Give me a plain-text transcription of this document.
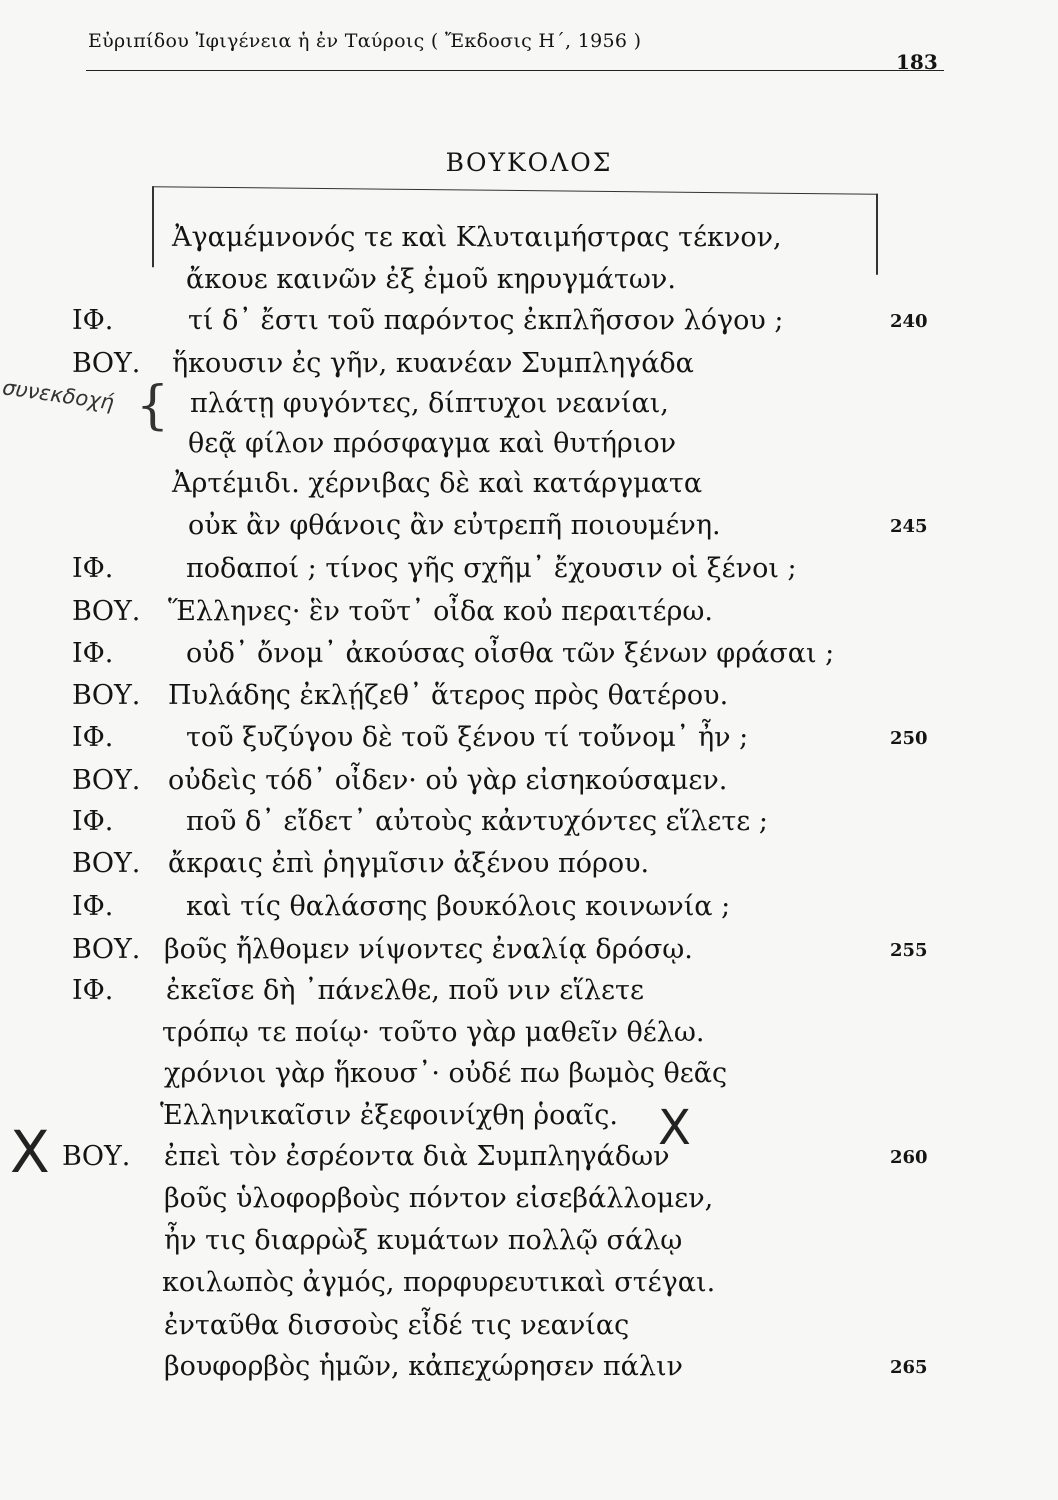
Εὐριπίδου Ἰφιγένεια ἡ ἐν Ταύροις ( Ἔκδοσις Η΄, 1956 )
183
ΒΟΥΚΟΛΟΣ
συνεκδοχή {
X	X
Ἀγαμέμνονός τε καὶ Κλυταιμήστρας τέκνον,
ἄκουε καινῶν ἐξ ἐμοῦ κηρυγμάτων.
ΙΦ.	τί δ᾽ ἔστι τοῦ παρόντος ἐκπλῆσσον λόγου ;	240
ΒΟΥ. ἥκουσιν ἐς γῆν, κυανέαν Συμπληγάδα
πλάτῃ φυγόντες, δίπτυχοι νεανίαι,
θεᾷ φίλον πρόσφαγμα καὶ θυτήριον
Ἀρτέμιδι. χέρνιβας δὲ καὶ κατάργματα
οὐκ ἂν φθάνοις ἂν εὐτρεπῆ ποιουμένη.	245
ΙΦ.	ποδαποί ; τίνος γῆς σχῆμ᾽ ἔχουσιν οἱ ξένοι ;
ΒΟΥ. Ἕλληνες· ἓν τοῦτ᾽ οἶδα κοὐ περαιτέρω.
ΙΦ.	οὐδ᾽ ὄνομ᾽ ἀκούσας οἶσθα τῶν ξένων φράσαι ;
ΒΟΥ. Πυλάδης ἐκλῄζεθ᾽ ἅτερος πρὸς θατέρου.
ΙΦ.	τοῦ ξυζύγου δὲ τοῦ ξένου τί τοὔνομ᾽ ἦν ;	250
ΒΟΥ. οὐδεὶς τόδ᾽ οἶδεν· οὐ γὰρ εἰσηκούσαμεν.
ΙΦ.	ποῦ δ᾽ εἴδετ᾽ αὐτοὺς κἀντυχόντες εἵλετε ;
ΒΟΥ. ἄκραις ἐπὶ ῥηγμῖσιν ἀξένου πόρου.
ΙΦ.	καὶ τίς θαλάσσης βουκόλοις κοινωνία ;
ΒΟΥ. βοῦς ἤλθομεν νίψοντες ἐναλίᾳ δρόσῳ.	255
ΙΦ. ἐκεῖσε δὴ ᾽πάνελθε, ποῦ νιν εἵλετε
τρόπῳ τε ποίῳ· τοῦτο γὰρ μαθεῖν θέλω.
χρόνιοι γὰρ ἥκουσ᾽· οὐδέ πω βωμὸς θεᾶς
Ἑλληνικαῖσιν ἐξεφοινίχθη ῥοαῖς.
ΒΟΥ. ἐπεὶ τὸν ἐσρέοντα διὰ Συμπληγάδων	260
βοῦς ὑλοφορβοὺς πόντον εἰσεβάλλομεν,
ἦν τις διαρρὼξ κυμάτων πολλῷ σάλῳ
κοιλωπὸς ἀγμός, πορφυρευτικαὶ στέγαι.
ἐνταῦθα δισσοὺς εἶδέ τις νεανίας
βουφορβὸς ἡμῶν, κἀπεχώρησεν πάλιν	265
